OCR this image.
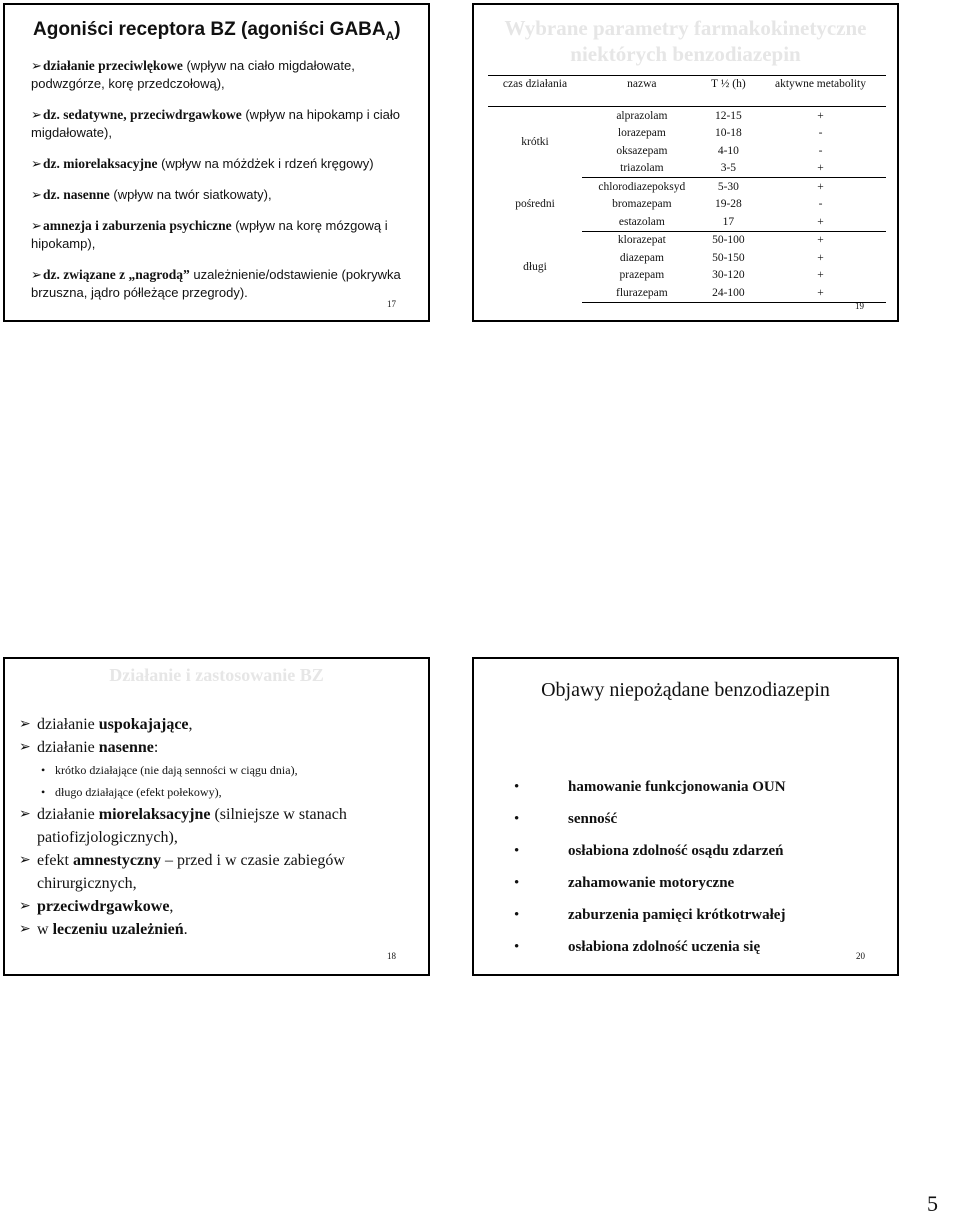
Agoniści receptora BZ (agoniści $GABA_A$)
➢działanie przeciwlękowe (wpływ na ciało migdałowate, podwzgórze, korę przedczołową),
➢dz. sedatywne, przeciwdrgawkowe (wpływ na hipokamp i ciało migdałowate),
➢dz. miorelaksacyjne (wpływ na móżdżek i rdzeń kręgowy)
➢dz. nasenne (wpływ na twór siatkowaty),
➢amnezja i zaburzenia psychiczne (wpływ na korę mózgową i hipokamp),
➢dz. związane z „nagrodą” uzależnienie/odstawienie (pokrywka brzuszna, jądro półleżące przegrody).
17
Wybrane parametry farmakokinetyczne niektórych benzodiazepin
czas działania	nazwa	T ½ (h)	aktywne metabolity
krótki	alprazolam	12-15	+
	lorazepam	10-18	-
	oksazepam	4-10	-
	triazolam	3-5	+
pośredni	chlorodiazepoksyd	5-30	+
	bromazepam	19-28	-
	estazolam	17	+
długi	klorazepat	50-100	+
	diazepam	50-150	+
	prazepam	30-120	+
	flurazepam	24-100	+
19
Działanie i zastosowanie BZ
➢ działanie uspokajające,
➢ działanie nasenne:
• krótko działające (nie dają senności w ciągu dnia),
• długo działające (efekt połekowy),
➢ działanie miorelaksacyjne (silniejsze w stanach patiofizjologicznych),
➢ efekt amnestyczny – przed i w czasie zabiegów chirurgicznych,
➢ przeciwdrgawkowe,
➢ w leczeniu uzależnień.
18
Objawy niepożądane benzodiazepin
•	hamowanie funkcjonowania OUN
•	senność
•	osłabiona zdolność osądu zdarzeń
•	zahamowanie motoryczne
•	zaburzenia pamięci krótkotrwałej
•	osłabiona zdolność uczenia się
20
5
